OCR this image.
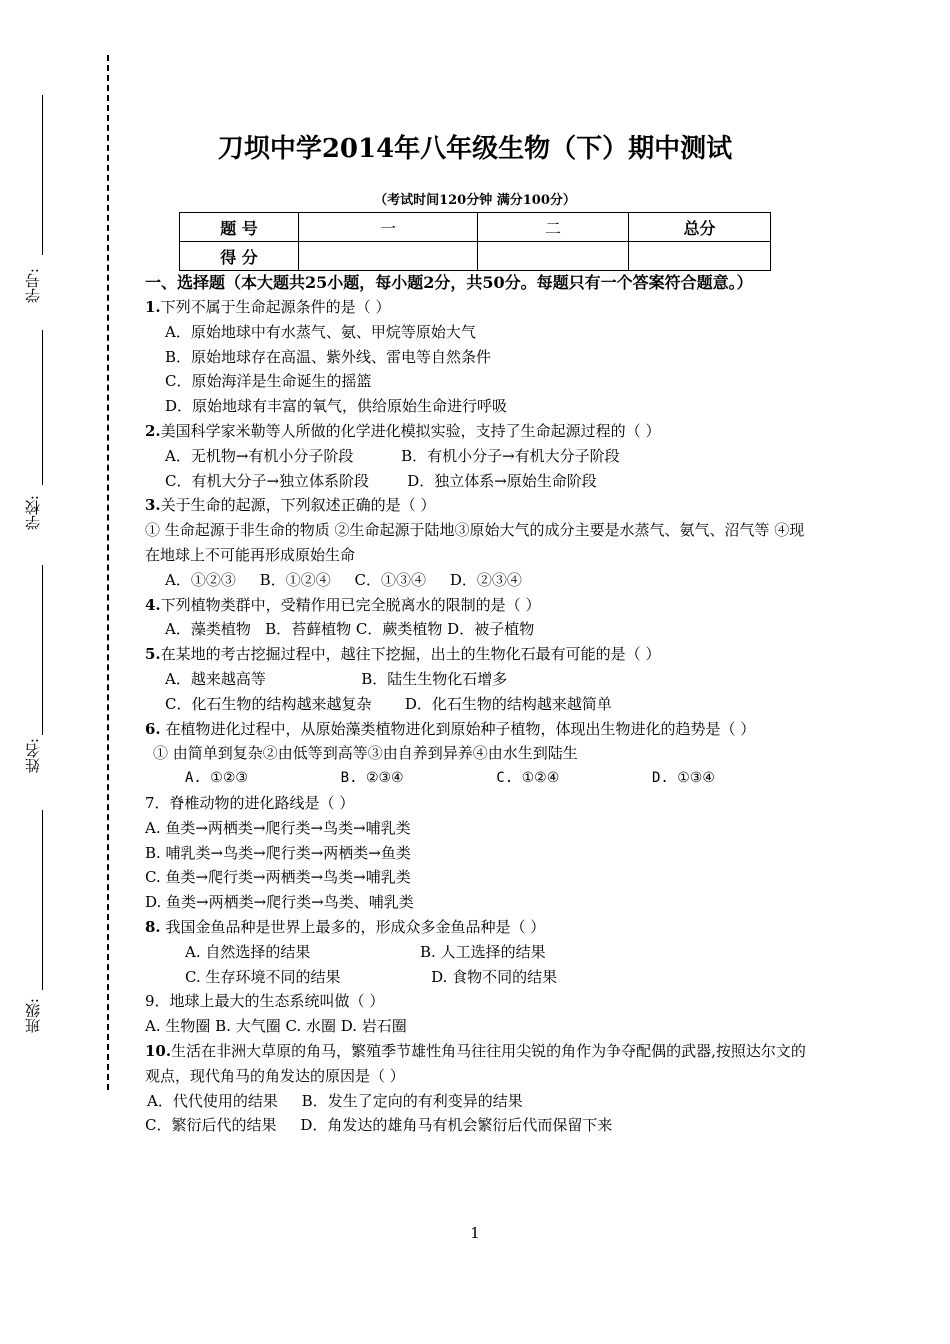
学号:
学校:
姓名:
班级:
刀坝中学2014年八年级生物（下）期中测试
（考试时间120分钟 满分100分）
题 号	一	二	总分
得 分			
一、选择题（本大题共25小题，每小题2分，共50分。每题只有一个答案符合题意。）
1.下列不属于生命起源条件的是（ ）
A．原始地球中有水蒸气、氨、甲烷等原始大气
B．原始地球存在高温、紫外线、雷电等自然条件
C．原始海洋是生命诞生的摇篮
D．原始地球有丰富的氧气，供给原始生命进行呼吸
2.美国科学家米勒等人所做的化学进化模拟实验，支持了生命起源过程的（ ）
A．无机物→有机小分子阶段          B．有机小分子→有机大分子阶段
C．有机大分子→独立体系阶段        D．独立体系→原始生命阶段
3.关于生命的起源，下列叙述正确的是（ ）
① 生命起源于非生命的物质 ②生命起源于陆地③原始大气的成分主要是水蒸气、氨气、沼气等 ④现在地球上不可能再形成原始生命
A．①②③     B．①②④     C．①③④     D．②③④
4.下列植物类群中，受精作用已完全脱离水的限制的是（ ）
A．藻类植物   B．苔藓植物 C．蕨类植物 D．被子植物
5.在某地的考古挖掘过程中，越往下挖掘，出土的生物化石最有可能的是（ ）
A．越来越高等                    B．陆生生物化石增多
C．化石生物的结构越来越复杂       D．化石生物的结构越来越简单
6. 在植物进化过程中，从原始藻类植物进化到原始种子植物，体现出生物进化的趋势是（ ）
① 由简单到复杂②由低等到高等③由自养到异养④由水生到陆生
A. ①②③           B. ②③④           C. ①②④           D. ①③④
7．脊椎动物的进化路线是（ ）
A. 鱼类→两栖类→爬行类→鸟类→哺乳类
B. 哺乳类→鸟类→爬行类→两栖类→鱼类
C. 鱼类→爬行类→两栖类→鸟类→哺乳类
D. 鱼类→两栖类→爬行类→鸟类、哺乳类
8. 我国金鱼品种是世界上最多的，形成众多金鱼品种是（ ）
A. 自然选择的结果                       B. 人工选择的结果
C. 生存环境不同的结果                   D. 食物不同的结果
9．地球上最大的生态系统叫做（ ）
A. 生物圈 B. 大气圈 C. 水圈 D. 岩石圈
10.生活在非洲大草原的角马，繁殖季节雄性角马往往用尖锐的角作为争夺配偶的武器,按照达尔文的观点，现代角马的角发达的原因是（ ）
A．代代使用的结果     B．发生了定向的有利变异的结果
C．繁衍后代的结果     D．角发达的雄角马有机会繁衍后代而保留下来
1
